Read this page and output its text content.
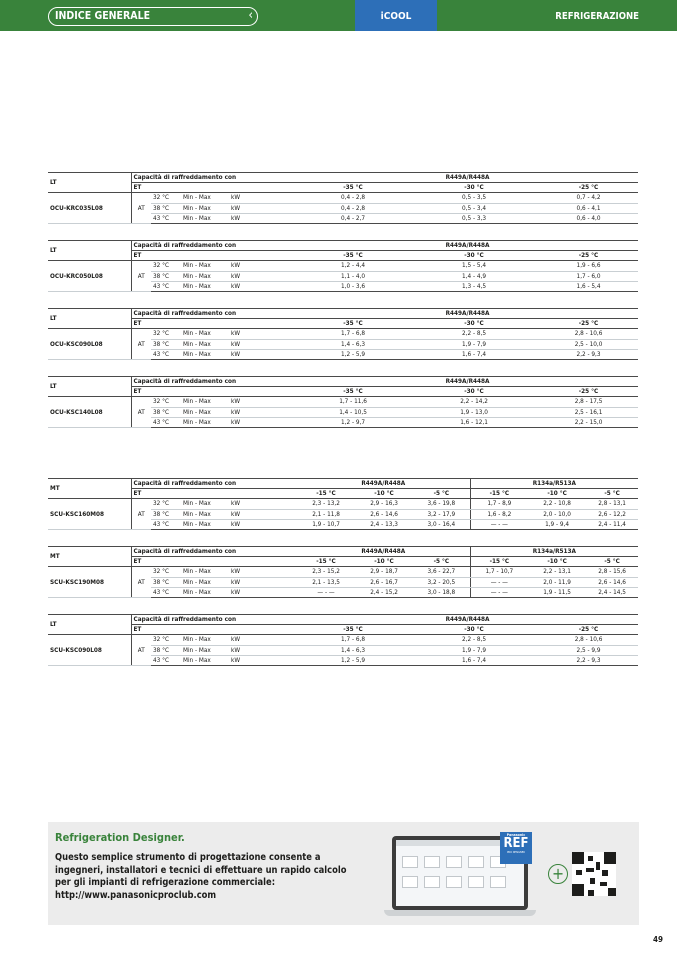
INDICE GENERALE	‹	iCOOL	REFRIGERAZIONE
LT	Capacità di raffreddamento con				R449A/R448A		
	ET				-35 °C	-30 °C	-25 °C
OCU-KRC035L08	AT	32 °C	Min - Max	kW	0,4 - 2,8	0,5 - 3,5	0,7 - 4,2
		38 °C	Min - Max	kW	0,4 - 2,8	0,5 - 3,4	0,6 - 4,1
		43 °C	Min - Max	kW	0,4 - 2,7	0,5 - 3,3	0,6 - 4,0
LT	Capacità di raffreddamento con				R449A/R448A		
	ET				-35 °C	-30 °C	-25 °C
OCU-KRC050L08	AT	32 °C	Min - Max	kW	1,2 - 4,4	1,5 - 5,4	1,9 - 6,6
		38 °C	Min - Max	kW	1,1 - 4,0	1,4 - 4,9	1,7 - 6,0
		43 °C	Min - Max	kW	1,0 - 3,6	1,3 - 4,5	1,6 - 5,4
LT	Capacità di raffreddamento con				R449A/R448A		
	ET				-35 °C	-30 °C	-25 °C
OCU-KSC090L08	AT	32 °C	Min - Max	kW	1,7 - 6,8	2,2 - 8,5	2,8 - 10,6
		38 °C	Min - Max	kW	1,4 - 6,3	1,9 - 7,9	2,5 - 10,0
		43 °C	Min - Max	kW	1,2 - 5,9	1,6 - 7,4	2,2 - 9,3
LT	Capacità di raffreddamento con				R449A/R448A		
	ET				-35 °C	-30 °C	-25 °C
OCU-KSC140L08	AT	32 °C	Min - Max	kW	1,7 - 11,6	2,2 - 14,2	2,8 - 17,5
		38 °C	Min - Max	kW	1,4 - 10,5	1,9 - 13,0	2,5 - 16,1
		43 °C	Min - Max	kW	1,2 - 9,7	1,6 - 12,1	2,2 - 15,0
MT	Capacità di raffreddamento con				R449A/R448A			R134a/R513A		
	ET				-15 °C	-10 °C	-5 °C	-15 °C	-10 °C	-5 °C
SCU-KSC160M08	AT	32 °C	Min - Max	kW	2,3 - 13,2	2,9 - 16,3	3,6 - 19,8	1,7 - 8,9	2,2 - 10,8	2,8 - 13,1
		38 °C	Min - Max	kW	2,1 - 11,8	2,6 - 14,6	3,2 - 17,9	1,6 - 8,2	2,0 - 10,0	2,6 - 12,2
		43 °C	Min - Max	kW	1,9 - 10,7	2,4 - 13,3	3,0 - 16,4	— - —	1,9 - 9,4	2,4 - 11,4
MT	Capacità di raffreddamento con				R449A/R448A			R134a/R513A		
	ET				-15 °C	-10 °C	-5 °C	-15 °C	-10 °C	-5 °C
SCU-KSC190M08	AT	32 °C	Min - Max	kW	2,3 - 15,2	2,9 - 18,7	3,6 - 22,7	1,7 - 10,7	2,2 - 13,1	2,8 - 15,6
		38 °C	Min - Max	kW	2,1 - 13,5	2,6 - 16,7	3,2 - 20,5	— - —	2,0 - 11,9	2,6 - 14,6
		43 °C	Min - Max	kW	— - —	2,4 - 15,2	3,0 - 18,8	— - —	1,9 - 11,5	2,4 - 14,5
LT	Capacità di raffreddamento con				R449A/R448A		
	ET				-35 °C	-30 °C	-25 °C
SCU-KSC090L08	AT	32 °C	Min - Max	kW	1,7 - 6,8	2,2 - 8,5	2,8 - 10,6
		38 °C	Min - Max	kW	1,4 - 6,3	1,9 - 7,9	2,5 - 9,9
		43 °C	Min - Max	kW	1,2 - 5,9	1,6 - 7,4	2,2 - 9,3
Refrigeration Designer.
Questo semplice strumento di progettazione consente a ingegneri, installatori e tecnici di effettuare un rapido calcolo per gli impianti di refrigerazione commerciale: http://www.panasonicproclub.com
Panasonic
REF
PRO DESIGNER
+
49
